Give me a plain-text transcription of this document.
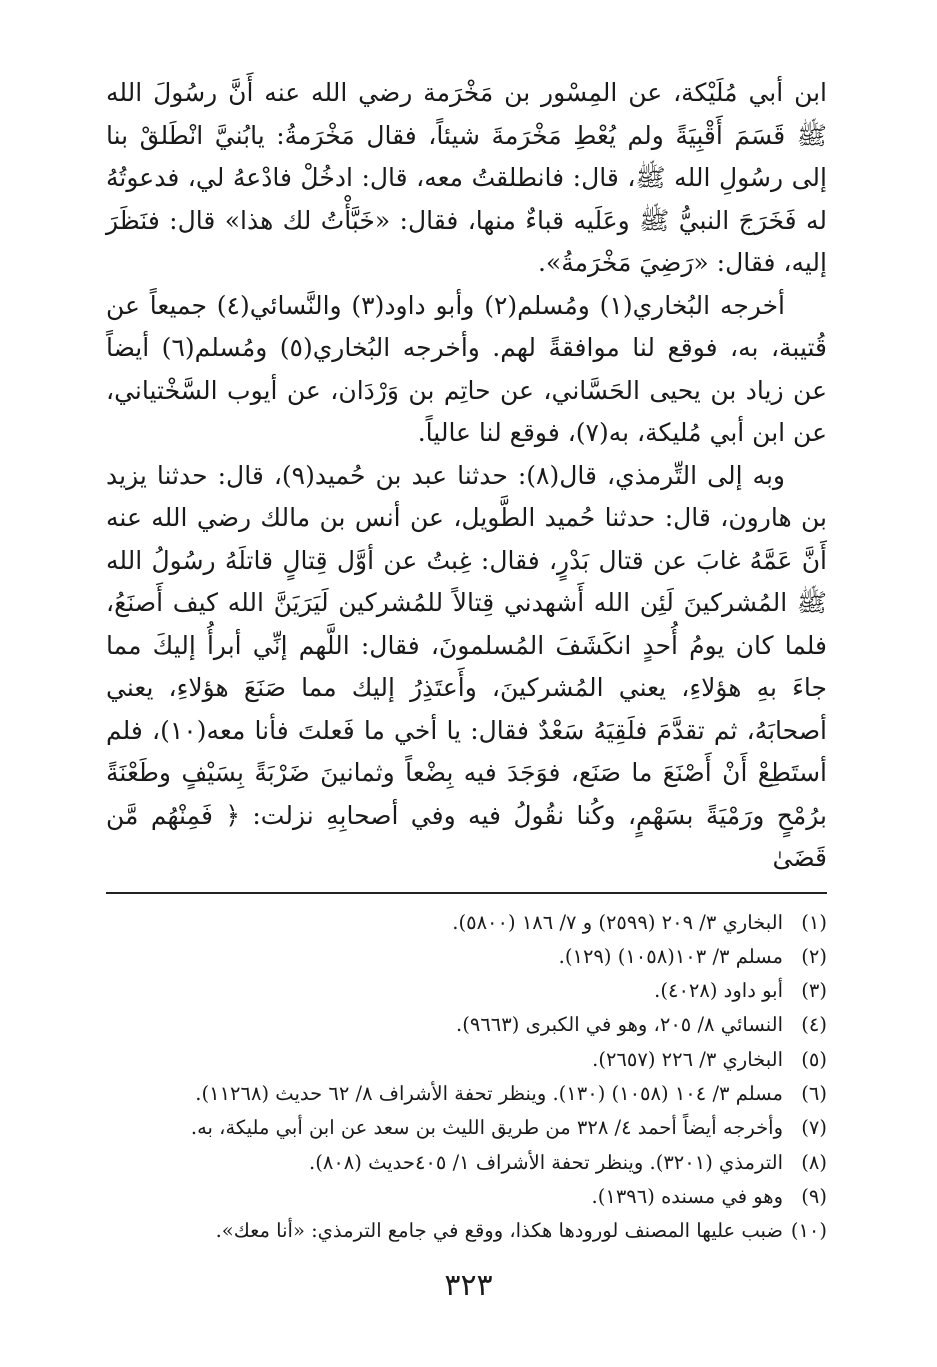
ابن أبي مُلَيْكة، عن المِسْور بن مَخْرَمة رضي الله عنه أَنَّ رسُولَ الله ﷺ قَسَمَ أَقْبِيَةً ولم يُعْطِ مَخْرَمةَ شيئاً، فقال مَخْرَمةُ: يابُنيَّ انْطَلقْ بنا إلى رسُولِ الله ﷺ، قال: فانطلقتُ معه، قال: ادخُلْ فادْعهُ لي، فدعوتُهُ له فَخَرَجَ النبيُّ ﷺ وعَلَيه قباءٌ منها، فقال: «خَبَّأْتُ لك هذا» قال: فنَظَرَ إليه، فقال: «رَضِيَ مَخْرَمةُ».

أخرجه البُخاري(١) ومُسلم(٢) وأبو داود(٣) والنَّسائي(٤) جميعاً عن قُتيبة، به، فوقع لنا موافقةً لهم. وأخرجه البُخاري(٥) ومُسلم(٦) أيضاً عن زياد بن يحيى الحَسَّاني، عن حاتِم بن وَرْدَان، عن أيوب السَّخْتياني، عن ابن أبي مُليكة، به(٧)، فوقع لنا عالياً.

وبه إلى التِّرمذي، قال(٨): حدثنا عبد بن حُميد(٩)، قال: حدثنا يزيد بن هارون، قال: حدثنا حُميد الطَّويل، عن أنس بن مالك رضي الله عنه أَنَّ عَمَّهُ غابَ عن قتال بَدْرٍ، فقال: غِبتُ عن أوَّل قِتالٍ قاتلَهُ رسُولُ الله ﷺ المُشركينَ لَئِن الله أَشهدني قِتالاً للمُشركين لَيَرَيَنَّ الله كيف أَصنَعُ، فلما كان يومُ أُحدٍ انكَشَفَ المُسلمونَ، فقال: اللَّهم إنِّي أبرأُ إليكَ مما جاءَ بهِ هؤلاءِ، يعني المُشركينَ، وأَعتَذِرُ إليك مما صَنَعَ هؤلاءِ، يعني أصحابَهُ، ثم تقدَّمَ فلَقِيَهُ سَعْدٌ فقال: يا أخي ما فَعلتَ فأنا معه(١٠)، فلم أستَطِعْ أَنْ أَصْنَعَ ما صَنَع، فوَجَدَ فيه بِضْعاً وثمانينَ ضَرْبَةً بِسَيْفٍ وطَعْنَةً برُمْحٍ ورَمْيَةً بسَهْمٍ، وكُنا نقُولُ فيه وفي أصحابِهِ نزلت: ﴿ فَمِنْهُم مَّن قَضَىٰ

(١)
البخاري ٣/ ٢٠٩ (٢٥٩٩) و ٧/ ١٨٦ (٥٨٠٠).
(٢)
مسلم ٣/ ١٠٣(١٠٥٨) (١٢٩).
(٣)
أبو داود (٤٠٢٨).
(٤)
النسائي ٨/ ٢٠٥، وهو في الكبرى (٩٦٦٣).
(٥)
البخاري ٣/ ٢٢٦ (٢٦٥٧).
(٦)
مسلم ٣/ ١٠٤ (١٠٥٨) (١٣٠). وينظر تحفة الأشراف ٨/ ٦٢ حديث (١١٢٦٨).
(٧)
وأخرجه أيضاً أحمد ٤/ ٣٢٨ من طريق الليث بن سعد عن ابن أبي مليكة، به.
(٨)
الترمذي (٣٢٠١). وينظر تحفة الأشراف ١/ ٤٠٥حديث (٨٠٨).
(٩)
وهو في مسنده (١٣٩٦).
(١٠)
ضبب عليها المصنف لورودها هكذا، ووقع في جامع الترمذي: «أنا معك».
٣٢٣
